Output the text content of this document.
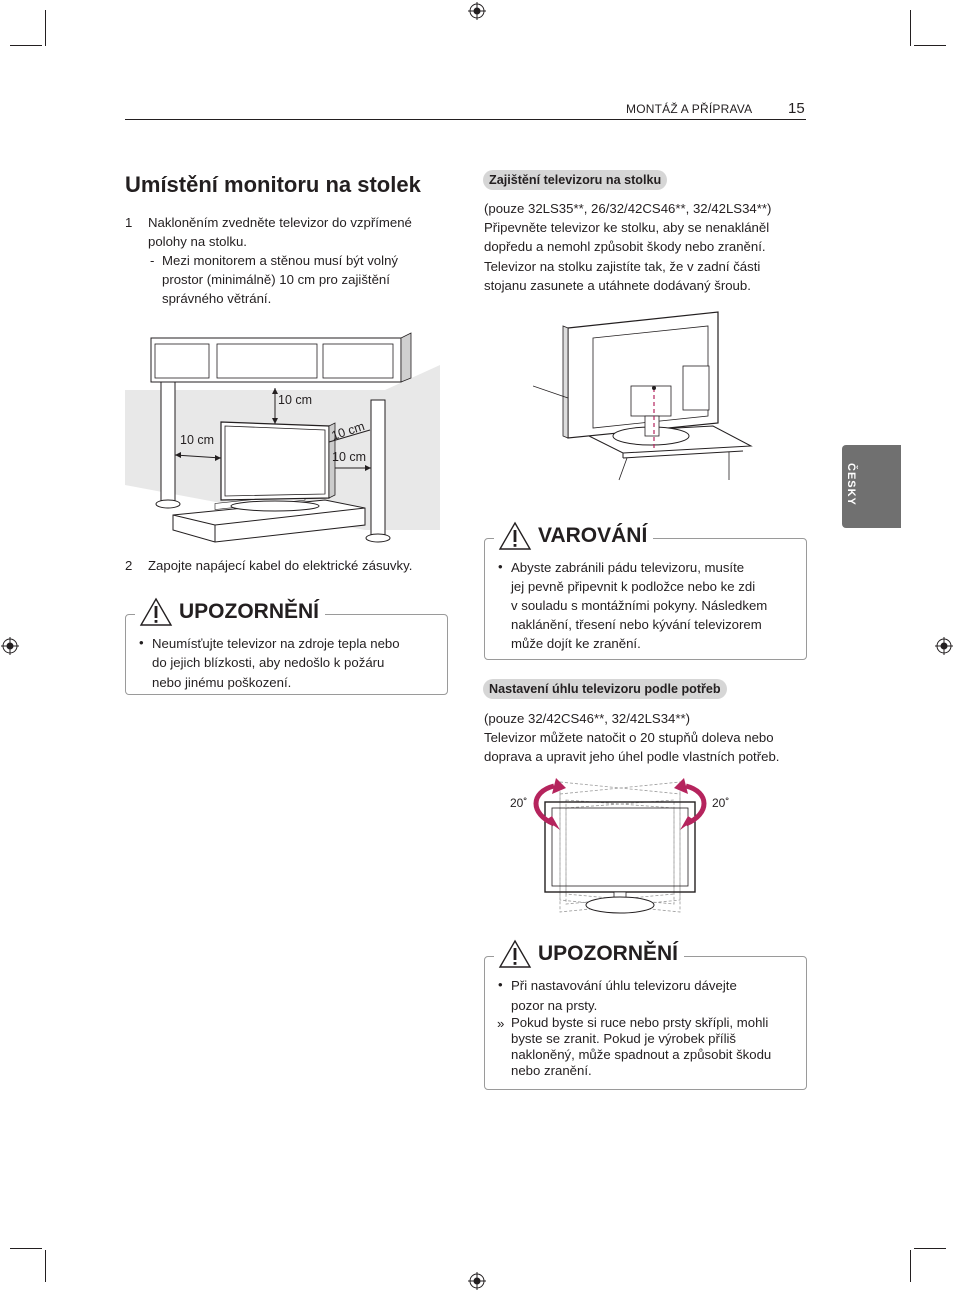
MONTÁŽ A PŘÍPRAVA 15
ČESKY
Umístění monitoru na stolek
1 Nakloněním zvedněte televizor do vzpřímené
polohy na stolku.
- Mezi monitorem a stěnou musí být volný
prostor (minimálně) 10 cm pro zajištění
správného větrání.
10 cm
10 cm	10 cm
10 cm
2 Zapojte napájecí kabel do elektrické zásuvky.
UPOZORNĚNÍ
• Neumísťujte televizor na zdroje tepla nebo
do jejich blízkosti, aby nedošlo k požáru
nebo jinému poškození.
Zajištění televizoru na stolku
(pouze 32LS35**, 26/32/42CS46**, 32/42LS34**)
Připevněte televizor ke stolku, aby se nenakláněl
dopředu a nemohl způsobit škody nebo zranění.
Televizor na stolku zajistíte tak, že v zadní části
stojanu zasunete a utáhnete dodávaný šroub.
VAROVÁNÍ
• Abyste zabránili pádu televizoru, musíte
jej pevně připevnit k podložce nebo ke zdi
v souladu s montážními pokyny. Následkem
naklánění, třesení nebo kývání televizorem
může dojít ke zranění.
Nastavení úhlu televizoru podle potřeb
(pouze 32/42CS46**, 32/42LS34**)
Televizor můžete natočit o 20 stupňů doleva nebo
doprava a upravit jeho úhel podle vlastních potřeb.
20˚	20˚
UPOZORNĚNÍ
• Při nastavování úhlu televizoru dávejte
pozor na prsty.
» Pokud byste si ruce nebo prsty skřípli, mohli
byste se zranit. Pokud je výrobek příliš
nakloněný, může spadnout a způsobit škodu
nebo zranění.
